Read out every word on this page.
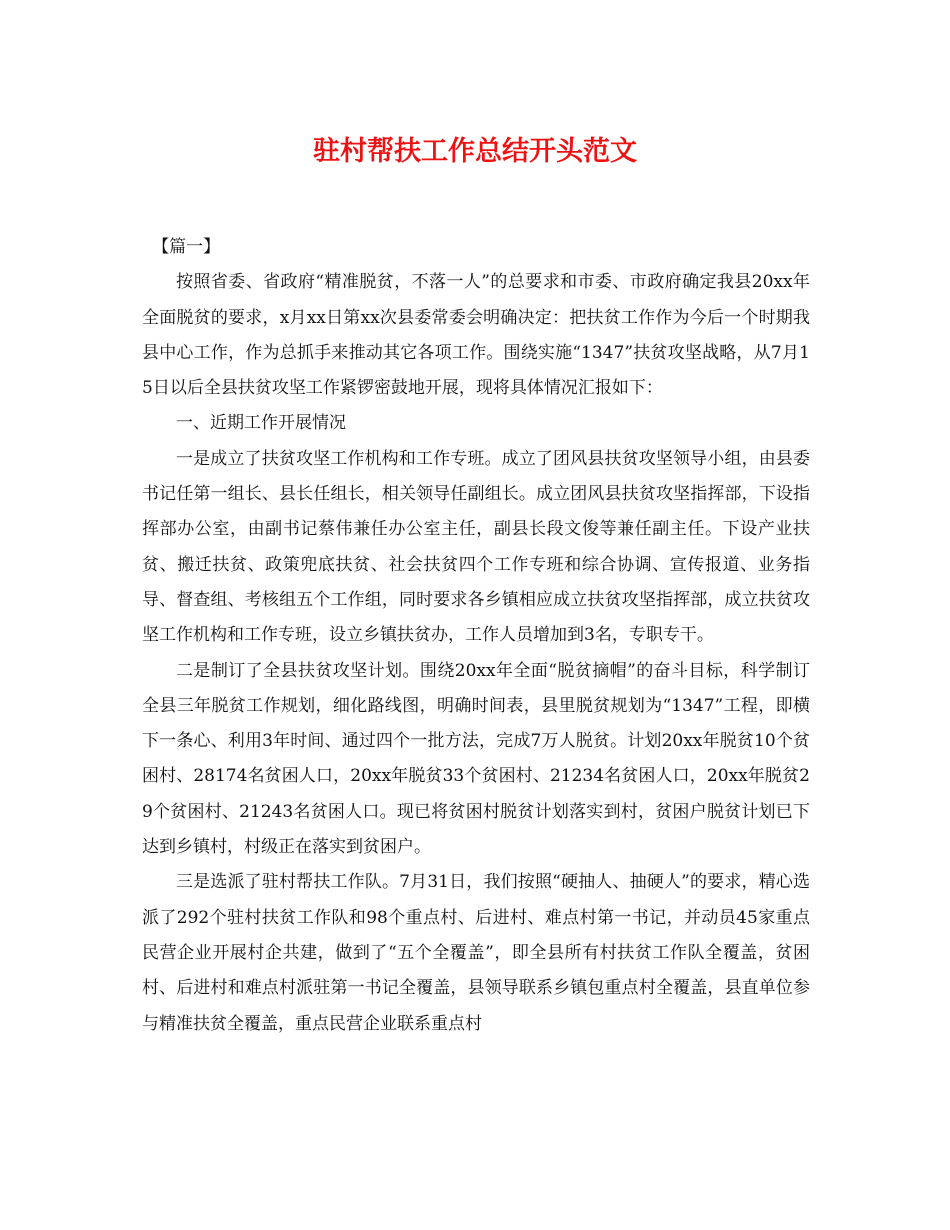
驻村帮扶工作总结开头范文

【篇一】

按照省委、省政府“精准脱贫，不落一人”的总要求和市委、市政府确定我县20xx年全面脱贫的要求，x月xx日第xx次县委常委会明确决定：把扶贫工作作为今后一个时期我县中心工作，作为总抓手来推动其它各项工作。围绕实施“1347”扶贫攻坚战略，从7月15日以后全县扶贫攻坚工作紧锣密鼓地开展，现将具体情况汇报如下：

一、近期工作开展情况

一是成立了扶贫攻坚工作机构和工作专班。成立了团风县扶贫攻坚领导小组，由县委书记任第一组长、县长任组长，相关领导任副组长。成立团风县扶贫攻坚指挥部，下设指挥部办公室，由副书记蔡伟兼任办公室主任，副县长段文俊等兼任副主任。下设产业扶贫、搬迁扶贫、政策兜底扶贫、社会扶贫四个工作专班和综合协调、宣传报道、业务指导、督查组、考核组五个工作组，同时要求各乡镇相应成立扶贫攻坚指挥部，成立扶贫攻坚工作机构和工作专班，设立乡镇扶贫办，工作人员增加到3名，专职专干。

二是制订了全县扶贫攻坚计划。围绕20xx年全面“脱贫摘帽”的奋斗目标，科学制订全县三年脱贫工作规划，细化路线图，明确时间表，县里脱贫规划为“1347”工程，即横下一条心、利用3年时间、通过四个一批方法，完成7万人脱贫。计划20xx年脱贫10个贫困村、28174名贫困人口，20xx年脱贫33个贫困村、21234名贫困人口，20xx年脱贫29个贫困村、21243名贫困人口。现已将贫困村脱贫计划落实到村，贫困户脱贫计划已下达到乡镇村，村级正在落实到贫困户。

三是选派了驻村帮扶工作队。7月31日，我们按照“硬抽人、抽硬人”的要求，精心选派了292个驻村扶贫工作队和98个重点村、后进村、难点村第一书记，并动员45家重点民营企业开展村企共建，做到了“五个全覆盖”，即全县所有村扶贫工作队全覆盖，贫困村、后进村和难点村派驻第一书记全覆盖，县领导联系乡镇包重点村全覆盖，县直单位参与精准扶贫全覆盖，重点民营企业联系重点村
